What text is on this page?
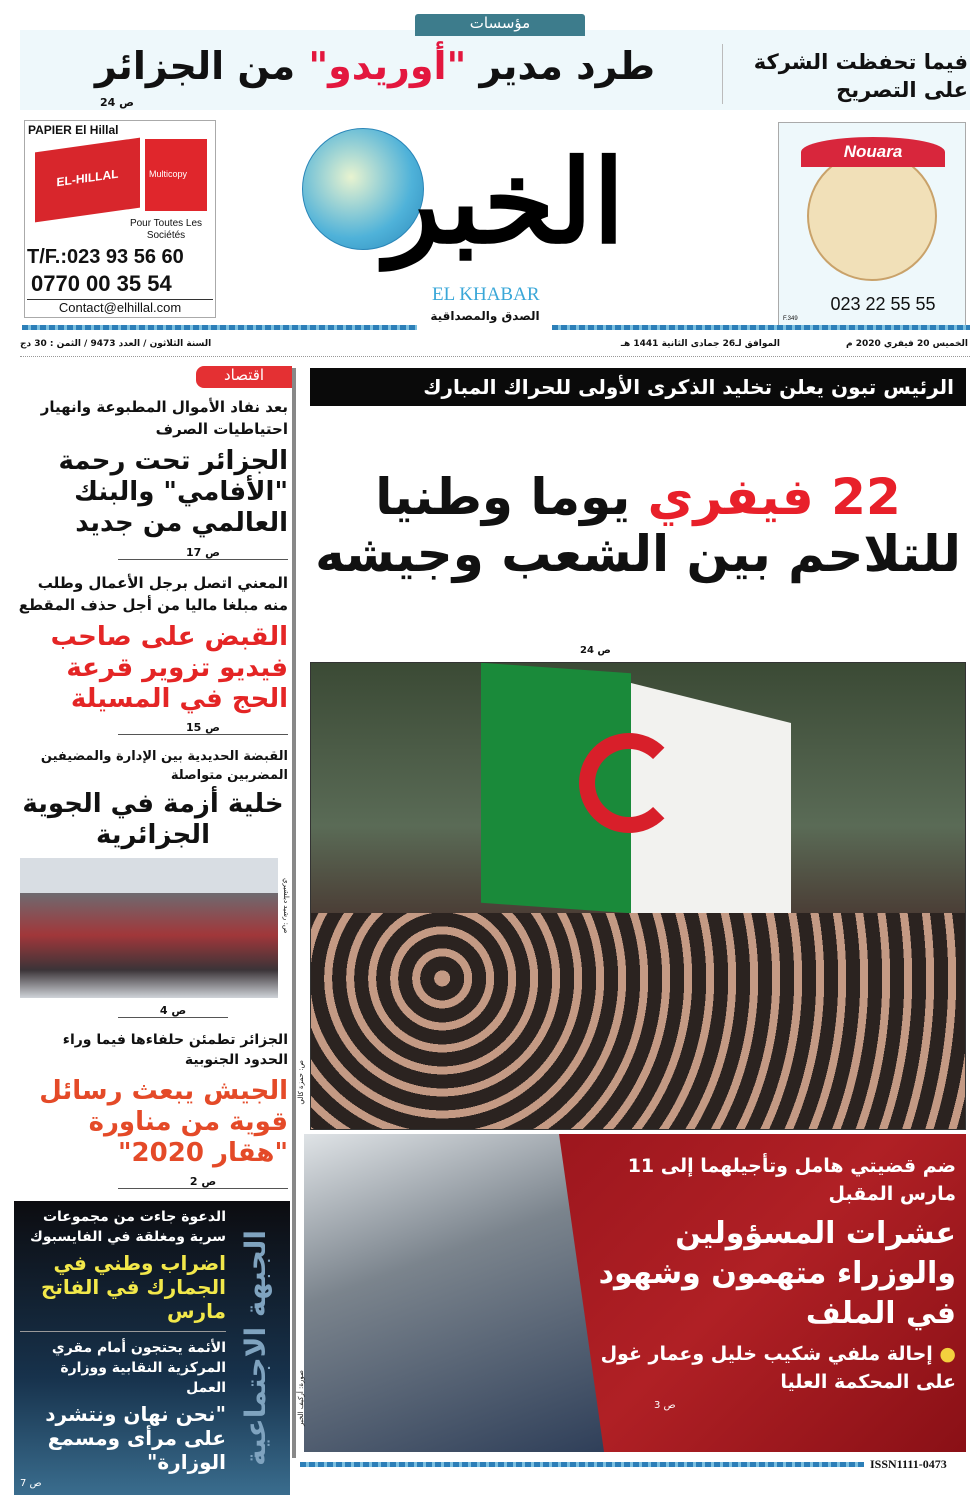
مؤسسات
طرد مدير "أوريدو" من الجزائر
ص 24
فيما تحفظت الشركة
على التصريح
PAPIER El Hillal
EL-HILLAL	Multicopy
Pour Toutes Les Sociétés
T/F.:023 93 56 60
0770 00 35 54
Contact@elhillal.com
الخبر
EL KHABAR
الصدق والمصداقية
Nouara
023 22 55 55
F.349
الخميس 20 فيفري 2020 م
الموافق لـ26 جمادى الثانية 1441 هـ
السنة الثلاثون / العدد 9473 / الثمن : 30 دج
اقتصاد
بعد نفاد الأموال المطبوعة وانهيار احتياطيات الصرف
الجزائر تحت رحمة "الأفامي" والبنك العالمي من جديد
ص 17
المعني اتصل برجل الأعمال وطلب منه مبلغا ماليا من أجل حذف المقطع
القبض على صاحب فيديو تزوير قرعة الحج في المسيلة
ص 15
القبضة الحديدية بين الإدارة والمضيفين المضربين متواصلة
خلية أزمة في الجوية الجزائرية
ص: رشيد دبلشيري
ص 4
الجزائر تطمئن حلفاءها فيما وراء الحدود الجنوبية
الجيش يبعث رسائل قوية من مناورة "هقار 2020"
ص 2
الدعوة جاءت من مجموعات سرية ومغلقة في الفايسبوك
اضراب وطني في الجمارك في الفاتح مارس
الأئمة يحتجون أمام مقري المركزية النقابية ووزارة العمل
"نحن نهان ونتشرد على مرأى ومسمع الوزارة"
ص 7
الجبهة الاجتماعية
الرئيس تبون يعلن تخليد الذكرى الأولى للحراك المبارك
22 فيفري يوما وطنيا
للتلاحم بين الشعب وجيشه
ص 24
ص: حمزة كالي
ضم قضيتي هامل وتأجيلهما إلى 11 مارس المقبل
عشرات المسؤولين والوزراء متهمون وشهود في الملف
● إحالة ملفي شكيب خليل وعمار غول على المحكمة العليا
ص 3
صورة: أركيف الخبر
ISSN1111-0473
